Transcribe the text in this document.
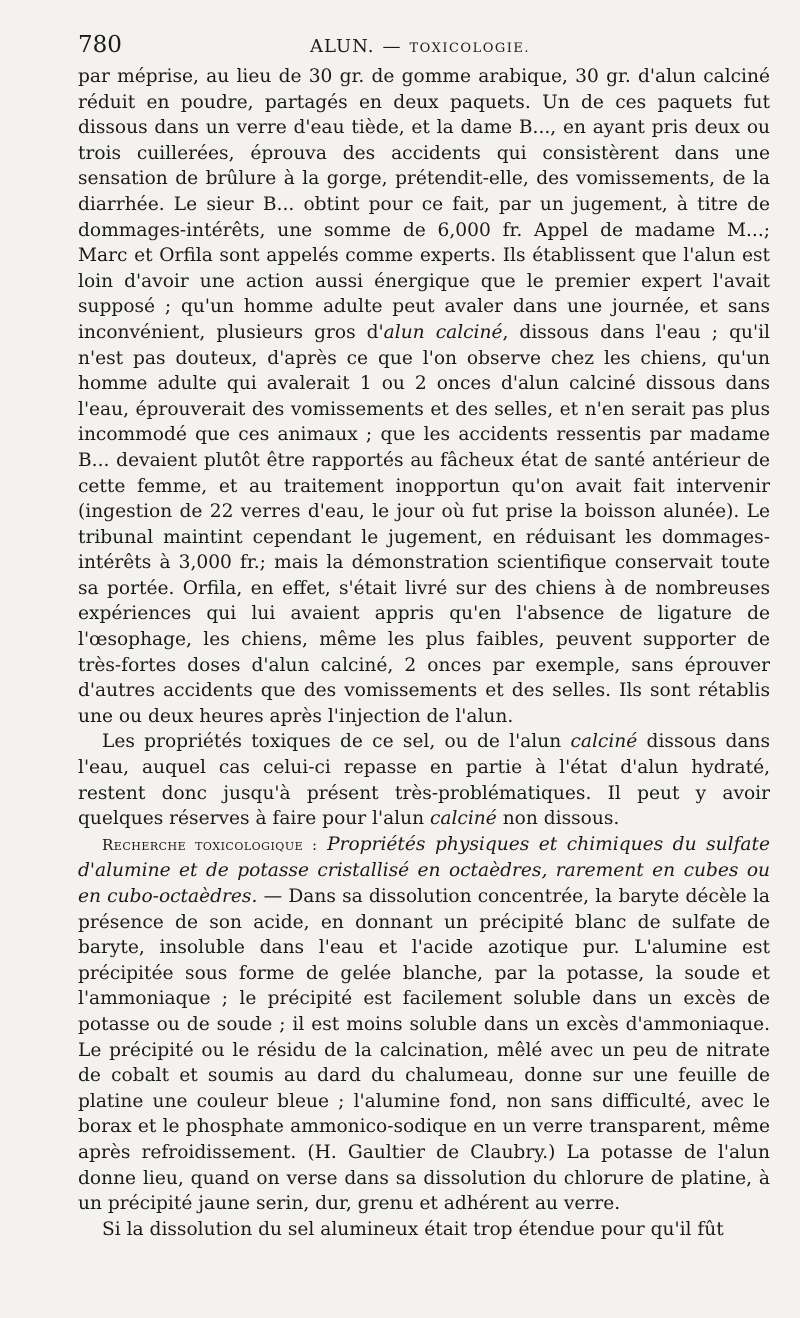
780	ALUN. — TOXICOLOGIE.

par méprise, au lieu de 30 gr. de gomme arabique, 30 gr. d'alun calciné réduit en poudre, partagés en deux paquets. Un de ces paquets fut dissous dans un verre d'eau tiède, et la dame B..., en ayant pris deux ou trois cuillerées, éprouva des accidents qui consistèrent dans une sensation de brûlure à la gorge, prétendit-elle, des vomissements, de la diarrhée. Le sieur B... obtint pour ce fait, par un jugement, à titre de dommages-intérêts, une somme de 6,000 fr. Appel de madame M...; Marc et Orfila sont appelés comme experts. Ils établissent que l'alun est loin d'avoir une action aussi énergique que le premier expert l'avait supposé ; qu'un homme adulte peut avaler dans une journée, et sans inconvénient, plusieurs gros d'alun calciné, dissous dans l'eau ; qu'il n'est pas douteux, d'après ce que l'on observe chez les chiens, qu'un homme adulte qui avalerait 1 ou 2 onces d'alun calciné dissous dans l'eau, éprouverait des vomissements et des selles, et n'en serait pas plus incommodé que ces animaux ; que les accidents ressentis par madame B... devaient plutôt être rapportés au fâcheux état de santé antérieur de cette femme, et au traitement inopportun qu'on avait fait intervenir (ingestion de 22 verres d'eau, le jour où fut prise la boisson alunée). Le tribunal maintint cependant le jugement, en réduisant les dommages-intérêts à 3,000 fr.; mais la démonstration scientifique conservait toute sa portée. Orfila, en effet, s'était livré sur des chiens à de nombreuses expériences qui lui avaient appris qu'en l'absence de ligature de l'œsophage, les chiens, même les plus faibles, peuvent supporter de très-fortes doses d'alun calciné, 2 onces par exemple, sans éprouver d'autres accidents que des vomissements et des selles. Ils sont rétablis une ou deux heures après l'injection de l'alun.

Les propriétés toxiques de ce sel, ou de l'alun calciné dissous dans l'eau, auquel cas celui-ci repasse en partie à l'état d'alun hydraté, restent donc jusqu'à présent très-problématiques. Il peut y avoir quelques réserves à faire pour l'alun calciné non dissous.

Recherche toxicologique : Propriétés physiques et chimiques du sulfate d'alumine et de potasse cristallisé en octaèdres, rarement en cubes ou en cubo-octaèdres. — Dans sa dissolution concentrée, la baryte décèle la présence de son acide, en donnant un précipité blanc de sulfate de baryte, insoluble dans l'eau et l'acide azotique pur. L'alumine est précipitée sous forme de gelée blanche, par la potasse, la soude et l'ammoniaque ; le précipité est facilement soluble dans un excès de potasse ou de soude ; il est moins soluble dans un excès d'ammoniaque. Le précipité ou le résidu de la calcination, mêlé avec un peu de nitrate de cobalt et soumis au dard du chalumeau, donne sur une feuille de platine une couleur bleue ; l'alumine fond, non sans difficulté, avec le borax et le phosphate ammonico-sodique en un verre transparent, même après refroidissement. (H. Gaultier de Claubry.) La potasse de l'alun donne lieu, quand on verse dans sa dissolution du chlorure de platine, à un précipité jaune serin, dur, grenu et adhérent au verre.

Si la dissolution du sel alumineux était trop étendue pour qu'il fût
